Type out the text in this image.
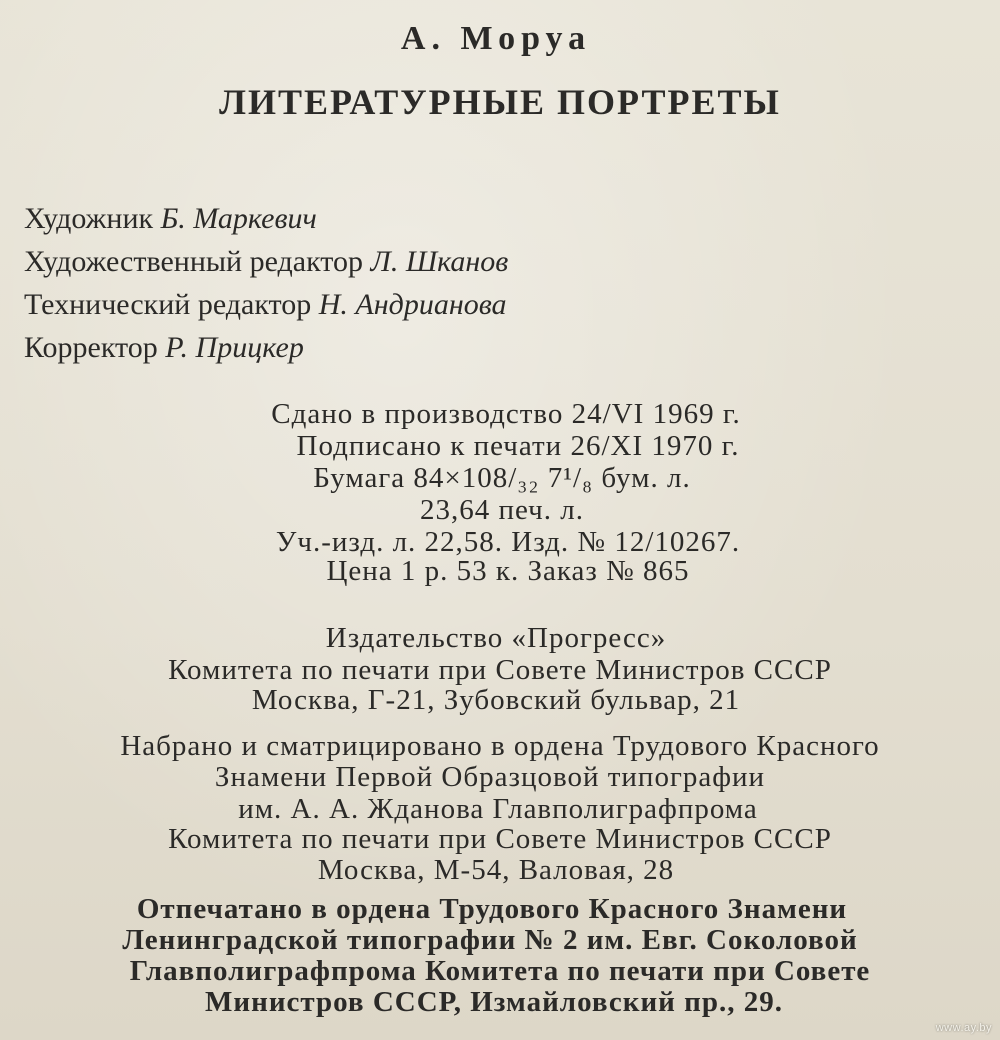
А. Моруа
ЛИТЕРАТУРНЫЕ ПОРТРЕТЫ
Художник Б. Маркевич
Художественный редактор Л. Шканов
Технический редактор Н. Андрианова
Корректор Р. Прицкер
Сдано в производство 24/VI 1969 г.
Подписано к печати 26/XI 1970 г.
Бумага 84×108/₃₂ 7¹/₈ бум. л.
23,64 печ. л.
Уч.-изд. л. 22,58. Изд. № 12/10267.
Цена 1 р. 53 к. Заказ № 865
Издательство «Прогресс»
Комитета по печати при Совете Министров СССР
Москва, Г-21, Зубовский бульвар, 21
Набрано и сматрицировано в ордена Трудового Красного
Знамени Первой Образцовой типографии
им. А. А. Жданова Главполиграфпрома
Комитета по печати при Совете Министров СССР
Москва, М-54, Валовая, 28
Отпечатано в ордена Трудового Красного Знамени
Ленинградской типографии № 2 им. Евг. Соколовой
Главполиграфпрома Комитета по печати при Совете
Министров СССР, Измайловский пр., 29.
www.ay.by
